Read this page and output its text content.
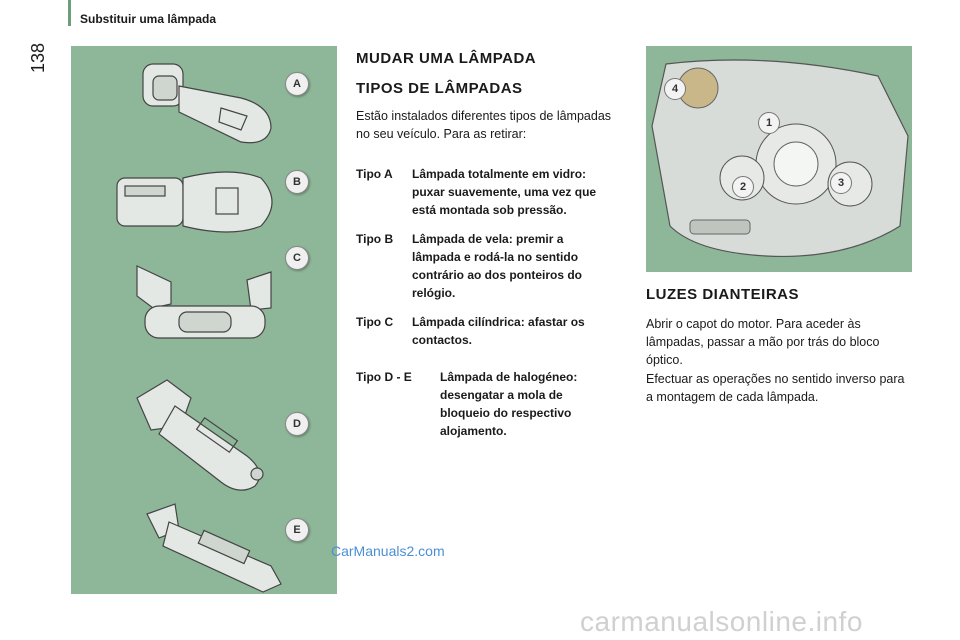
Substituir uma lâmpada
138
A
B
C
D
E
MUDAR UMA LÂMPADA
TIPOS DE LÂMPADAS
Estão instalados diferentes tipos de lâmpadas no seu veículo. Para as retirar:
Tipo A Lâmpada totalmente em vidro: puxar suavemente, uma vez que está montada sob pressão.
Tipo B Lâmpada de vela: premir a lâmpada e rodá-la no sentido contrário ao dos ponteiros do relógio.
Tipo C Lâmpada cilíndrica: afastar os contactos.
Tipo D - E Lâmpada de halogéneo: desengatar a mola de bloqueio do respectivo alojamento.
4
1
2	3
LUZES DIANTEIRAS
Abrir o capot do motor. Para aceder às lâmpadas, passar a mão por trás do bloco óptico.
Efectuar as operações no sentido inverso para a montagem de cada lâmpada.
CarManuals2.com
carmanualsonline.info
